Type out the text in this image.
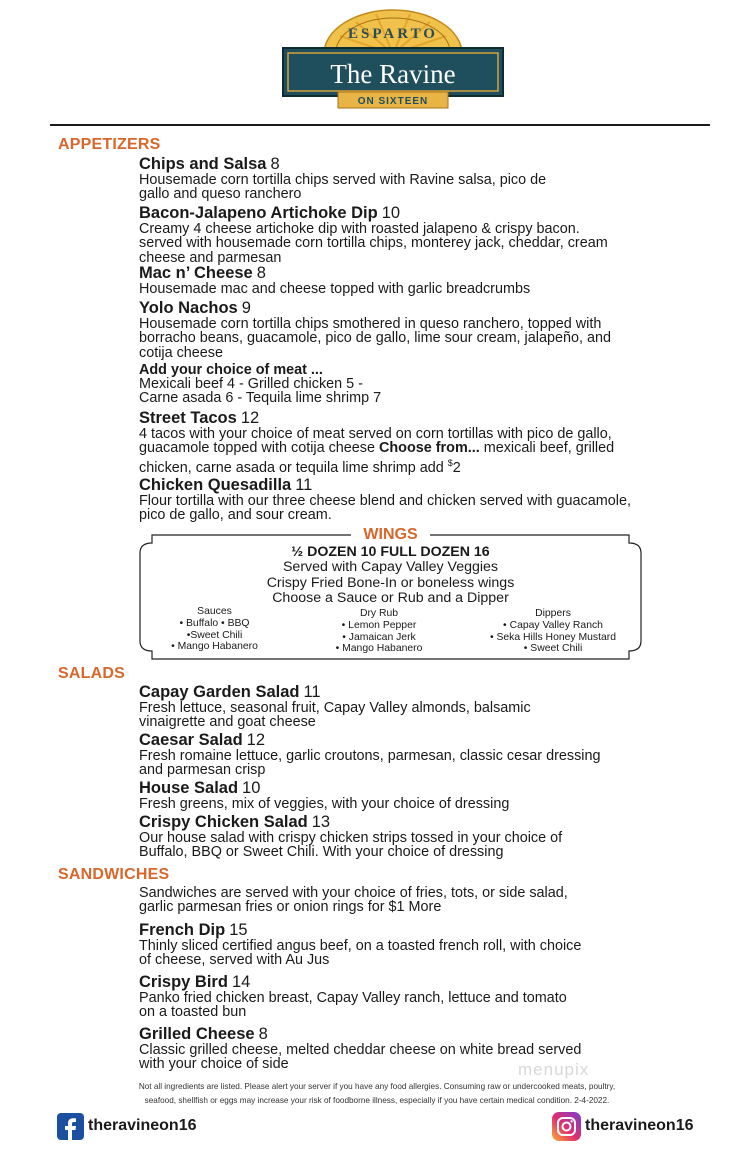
ESPARTO
The Ravine
ON SIXTEEN
APPETIZERS
Chips and Salsa 8
Housemade corn tortilla chips served with Ravine salsa, pico de
gallo and queso ranchero
Bacon-Jalapeno Artichoke Dip 10
Creamy 4 cheese artichoke dip with roasted jalapeno & crispy bacon.
served with housemade corn tortilla chips, monterey jack, cheddar, cream
cheese and parmesan
Mac n’ Cheese 8
Housemade mac and cheese topped with garlic breadcrumbs
Yolo Nachos 9
Housemade corn tortilla chips smothered in queso ranchero, topped with
borracho beans, guacamole, pico de gallo, lime sour cream, jalapeño, and
cotija cheese
Add your choice of meat ...
Mexicali beef 4 - Grilled chicken 5 -
Carne asada 6 - Tequila lime shrimp 7
Street Tacos 12
4 tacos with your choice of meat served on corn tortillas with pico de gallo,
guacamole topped with cotija cheese Choose from... mexicali beef, grilled
chicken, carne asada or tequila lime shrimp add $2
Chicken Quesadilla 11
Flour tortilla with our three cheese blend and chicken served with guacamole,
pico de gallo, and sour cream.
WINGS
½ DOZEN 10 FULL DOZEN 16
Served with Capay Valley Veggies
Crispy Fried Bone-In or boneless wings
Choose a Sauce or Rub and a Dipper
Sauces
• Buffalo • BBQ
•Sweet Chili
• Mango Habanero
Dry Rub
• Lemon Pepper
• Jamaican Jerk
• Mango Habanero
Dippers
• Capay Valley Ranch
• Seka Hills Honey Mustard
• Sweet Chili
SALADS
Capay Garden Salad 11
Fresh lettuce, seasonal fruit, Capay Valley almonds, balsamic
vinaigrette and goat cheese
Caesar Salad 12
Fresh romaine lettuce, garlic croutons, parmesan, classic cesar dressing
and parmesan crisp
House Salad 10
Fresh greens, mix of veggies, with your choice of dressing
Crispy Chicken Salad 13
Our house salad with crispy chicken strips tossed in your choice of
Buffalo, BBQ or Sweet Chili. With your choice of dressing
SANDWICHES
Sandwiches are served with your choice of fries, tots, or side salad,
garlic parmesan fries or onion rings for $1 More
French Dip 15
Thinly sliced certified angus beef, on a toasted french roll, with choice
of cheese, served with Au Jus
Crispy Bird 14
Panko fried chicken breast, Capay Valley ranch, lettuce and tomato
on a toasted bun
Grilled Cheese 8
Classic grilled cheese, melted cheddar cheese on white bread served
with your choice of side	menupix
Not all ingredients are listed. Please alert your server if you have any food allergies. Consuming raw or undercooked meats, poultry,
seafood, shellfish or eggs may increase your risk of foodborne illness, especially if you have certain medical condition. 2-4-2022.
theravineon16	theravineon16
